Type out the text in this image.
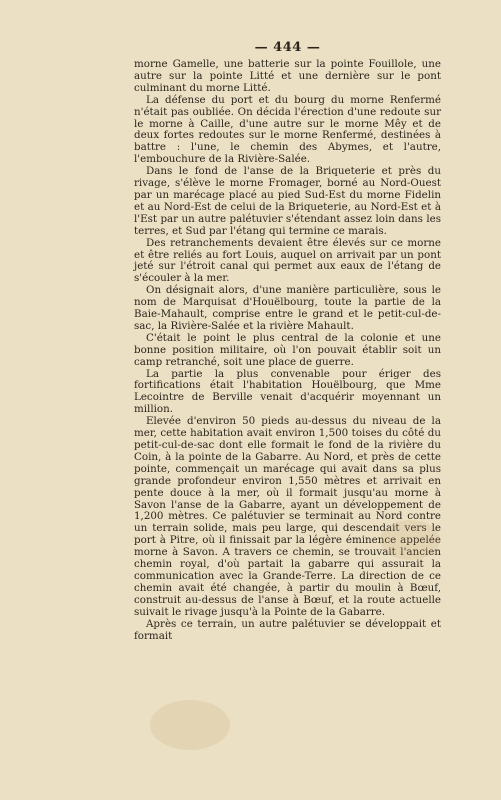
— 444 —

morne Gamelle, une batterie sur la pointe Fouillole, une autre sur la pointe Litté et une dernière sur le pont culminant du morne Litté.

La défense du port et du bourg du morne Renfermé n'était pas oubliée. On décida l'érection d'une redoute sur le morne à Caille, d'une autre sur le morne Mêy et de deux fortes redoutes sur le morne Renfermé, destinées à battre : l'une, le chemin des Abymes, et l'autre, l'embouchure de la Rivière-Salée.

Dans le fond de l'anse de la Briqueterie et près du rivage, s'élève le morne Fromager, borné au Nord-Ouest par un marécage placé au pied Sud-Est du morne Fidelin et au Nord-Est de celui de la Briqueterie, au Nord-Est et à l'Est par un autre palétuvier s'étendant assez loin dans les terres, et Sud par l'étang qui termine ce marais.

Des retranchements devaient être élevés sur ce morne et être reliés au fort Louis, auquel on arrivait par un pont jeté sur l'étroit canal qui permet aux eaux de l'étang de s'écouler à la mer.

On désignait alors, d'une manière particulière, sous le nom de Marquisat d'Houëlbourg, toute la partie de la Baie-Mahault, comprise entre le grand et le petit-cul-de-sac, la Rivière-Salée et la rivière Mahault.

C'était le point le plus central de la colonie et une bonne position militaire, où l'on pouvait établir soit un camp retranché, soit une place de guerre.

La partie la plus convenable pour ériger des fortifications était l'habitation Houëlbourg, que Mme Lecointre de Berville venait d'acquérir moyennant un million.

Elevée d'environ 50 pieds au-dessus du niveau de la mer, cette habitation avait environ 1,500 toises du côté du petit-cul-de-sac dont elle formait le fond de la rivière du Coin, à la pointe de la Gabarre. Au Nord, et près de cette pointe, commençait un marécage qui avait dans sa plus grande profondeur environ 1,550 mètres et arrivait en pente douce à la mer, où il formait jusqu'au morne à Savon l'anse de la Gabarre, ayant un développement de 1,200 mètres. Ce palétuvier se terminait au Nord contre un terrain solide, mais peu large, qui descendait vers le port à Pitre, où il finissait par la légère éminence appelée morne à Savon. A travers ce chemin, se trouvait l'ancien chemin royal, d'où partait la gabarre qui assurait la communication avec la Grande-Terre. La direction de ce chemin avait été changée, à partir du moulin à Bœuf, construit au-dessus de l'anse à Bœuf, et la route actuelle suivait le rivage jusqu'à la Pointe de la Gabarre.

Après ce terrain, un autre palétuvier se développait et formait
